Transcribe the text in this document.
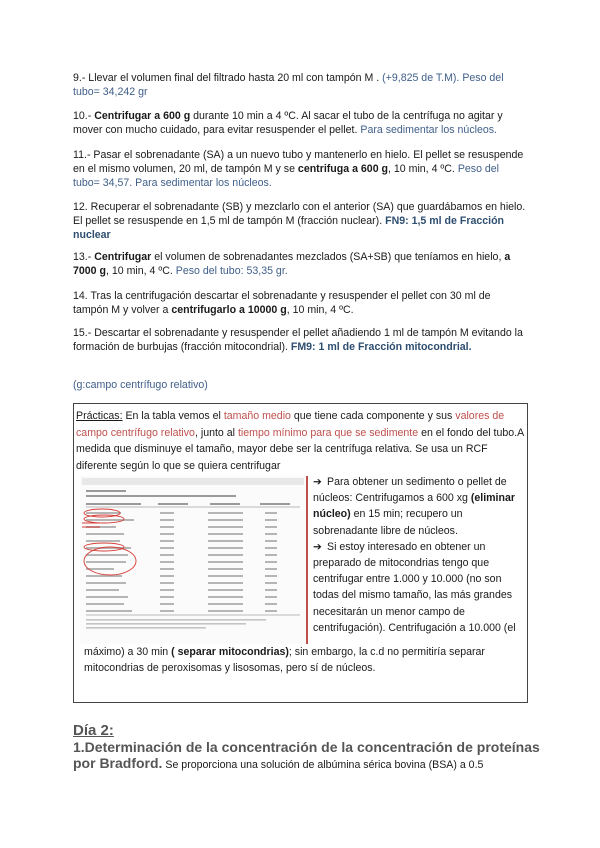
9.- Llevar el volumen final del filtrado hasta 20 ml con tampón M . (+9,825 de T.M). Peso del tubo= 34,242 gr

10.- Centrifugar a 600 g durante 10 min a 4 ºC. Al sacar el tubo de la centrífuga no agitar y mover con mucho cuidado, para evitar resuspender el pellet. Para sedimentar los núcleos.

11.- Pasar el sobrenadante (SA) a un nuevo tubo y mantenerlo en hielo. El pellet se resuspende en el mismo volumen, 20 ml, de tampón M y se centrifuga a 600 g, 10 min, 4 ºC. Peso del tubo= 34,57. Para sedimentar los núcleos.

12. Recuperar el sobrenadante (SB) y mezclarlo con el anterior (SA) que guardábamos en hielo. El pellet se resuspende en 1,5 ml de tampón M (fracción nuclear). FN9: 1,5 ml de Fracción nuclear

13.- Centrifugar el volumen de sobrenadantes mezclados (SA+SB) que teníamos en hielo, a 7000 g, 10 min, 4 ºC. Peso del tubo: 53,35 gr.

14. Tras la centrifugación descartar el sobrenadante y resuspender el pellet con 30 ml de tampón M y volver a centrifugarlo a 10000 g, 10 min, 4 ºC.

15.- Descartar el sobrenadante y resuspender el pellet añadiendo 1 ml de tampón M evitando la formación de burbujas (fracción mitocondrial). FM9: 1 ml de Fracción mitocondrial.

(g:campo centrífugo relativo)

Prácticas: En la tabla vemos el tamaño medio que tiene cada componente y sus valores de campo centrífugo relativo, junto al tiempo mínimo para que se sedimente en el fondo del tubo.A medida que disminuye el tamaño, mayor debe ser la centrífuga relativa. Se usa un RCF diferente según lo que se quiera centrifugar
➔ Para obtener un sedimento o pellet de núcleos: Centrifugamos a 600 xg (eliminar núcleo) en 15 min; recupero un sobrenadante libre de núcleos.
➔ Si estoy interesado en obtener un preparado de mitocondrias tengo que centrifugar entre 1.000 y 10.000 (no son todas del mismo tamaño, las más grandes necesitarán un menor campo de centrifugación). Centrifugación a 10.000 (el
máximo) a 30 min ( separar mitocondrias); sin embargo, la c.d no permitiría separar mitocondrias de peroxisomas y lisosomas, pero sí de núcleos.
Día 2:
1.Determinación de la concentración de la concentración de proteínas por Bradford. Se proporciona una solución de albúmina sérica bovina (BSA) a 0.5
